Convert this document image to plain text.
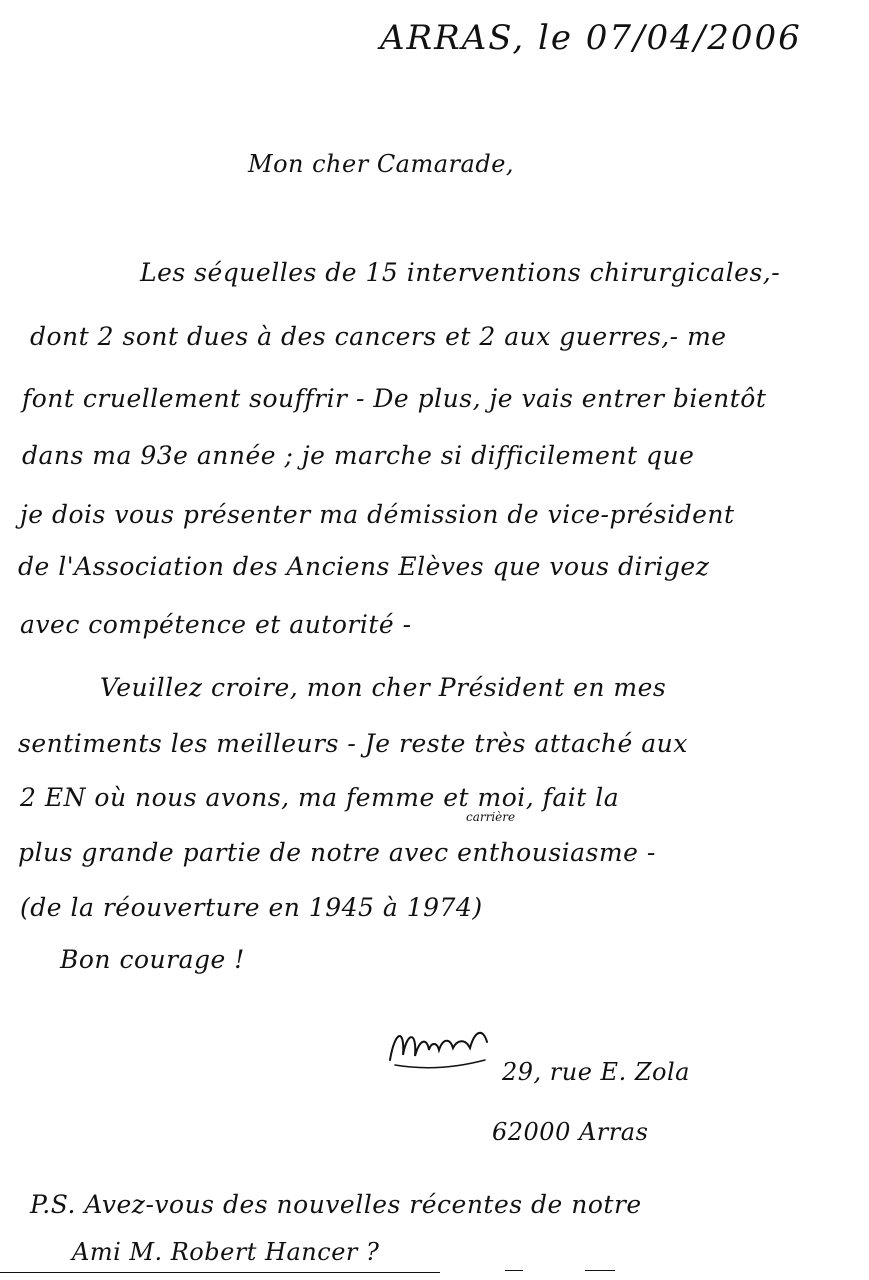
ARRAS, le 07/04/2006
Mon cher Camarade,
Les séquelles de 15 interventions chirurgicales,-
dont 2 sont dues à des cancers et 2 aux guerres,- me
font cruellement souffrir - De plus, je vais entrer bientôt
dans ma 93e année ; je marche si difficilement que
je dois vous présenter ma démission de vice-président
de l'Association des Anciens Elèves que vous dirigez
avec compétence et autorité -
Veuillez croire, mon cher Président en mes
sentiments les meilleurs - Je reste très attaché aux
2 EN où nous avons, ma femme et moi, fait la
plus grande partie de notre avec enthousiasme -
(de la réouverture en 1945 à 1974)
carrière
Bon courage !
29, rue E. Zola
62000 Arras
P.S. Avez-vous des nouvelles récentes de notre
Ami M. Robert Hancer ?
